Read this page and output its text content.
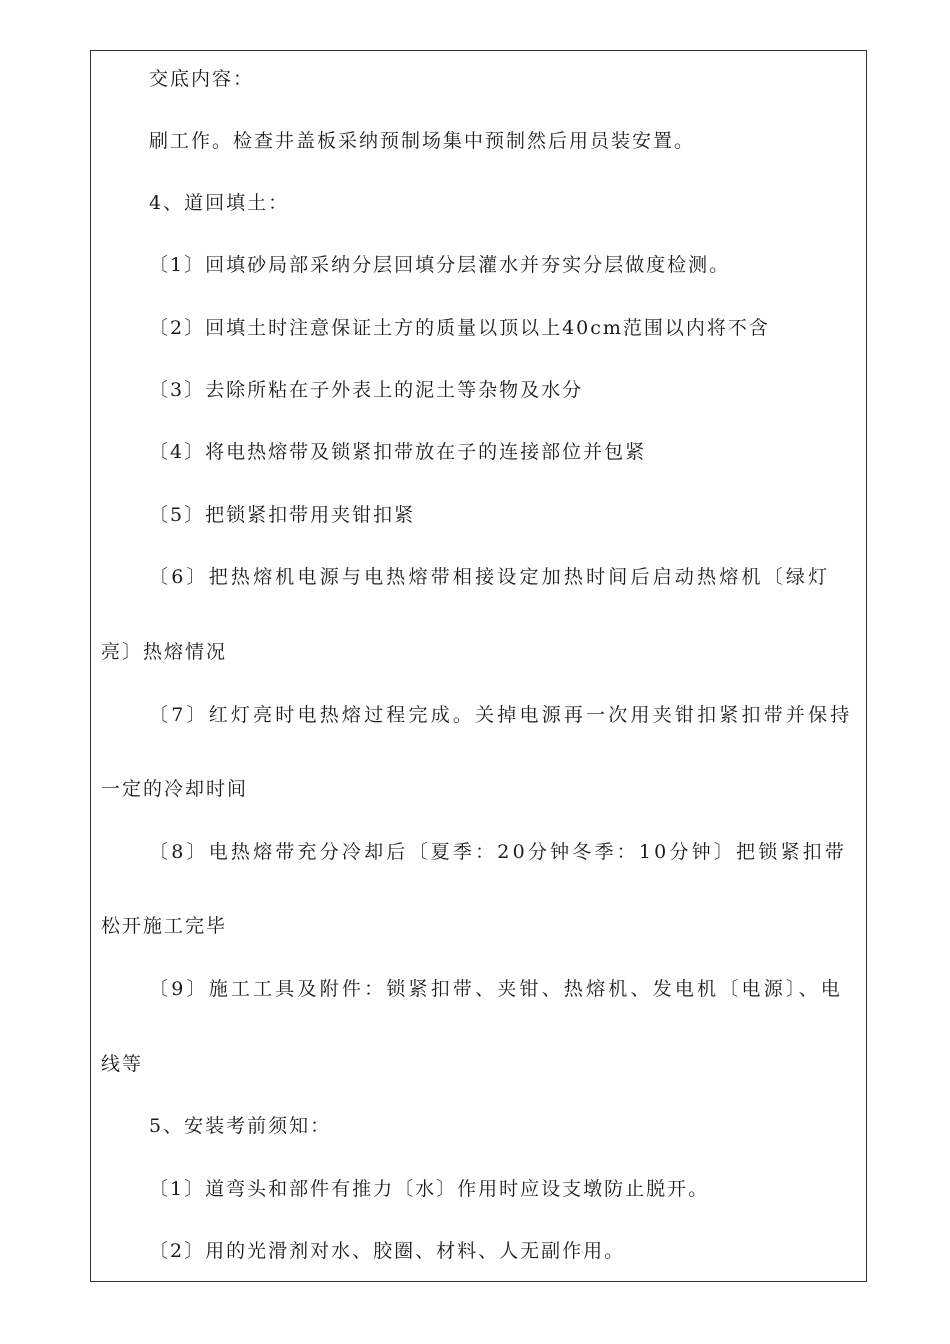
交底内容：
刷工作。检查井盖板采纳预制场集中预制然后用员装安置。
4、道回填土：
〔1〕回填砂局部采纳分层回填分层灌水并夯实分层做度检测。
〔2〕回填土时注意保证土方的质量以顶以上40cm范围以内将不含
〔3〕去除所粘在子外表上的泥土等杂物及水分
〔4〕将电热熔带及锁紧扣带放在子的连接部位并包紧
〔5〕把锁紧扣带用夹钳扣紧
〔6〕把热熔机电源与电热熔带相接设定加热时间后启动热熔机〔绿灯
亮〕热熔情况
〔7〕红灯亮时电热熔过程完成。关掉电源再一次用夹钳扣紧扣带并保持
一定的冷却时间
〔8〕电热熔带充分冷却后〔夏季：20分钟冬季：10分钟〕把锁紧扣带
松开施工完毕
〔9〕施工工具及附件：锁紧扣带、夹钳、热熔机、发电机〔电源〕、电
线等
5、安装考前须知：
〔1〕道弯头和部件有推力〔水〕作用时应设支墩防止脱开。
〔2〕用的光滑剂对水、胶圈、材料、人无副作用。
